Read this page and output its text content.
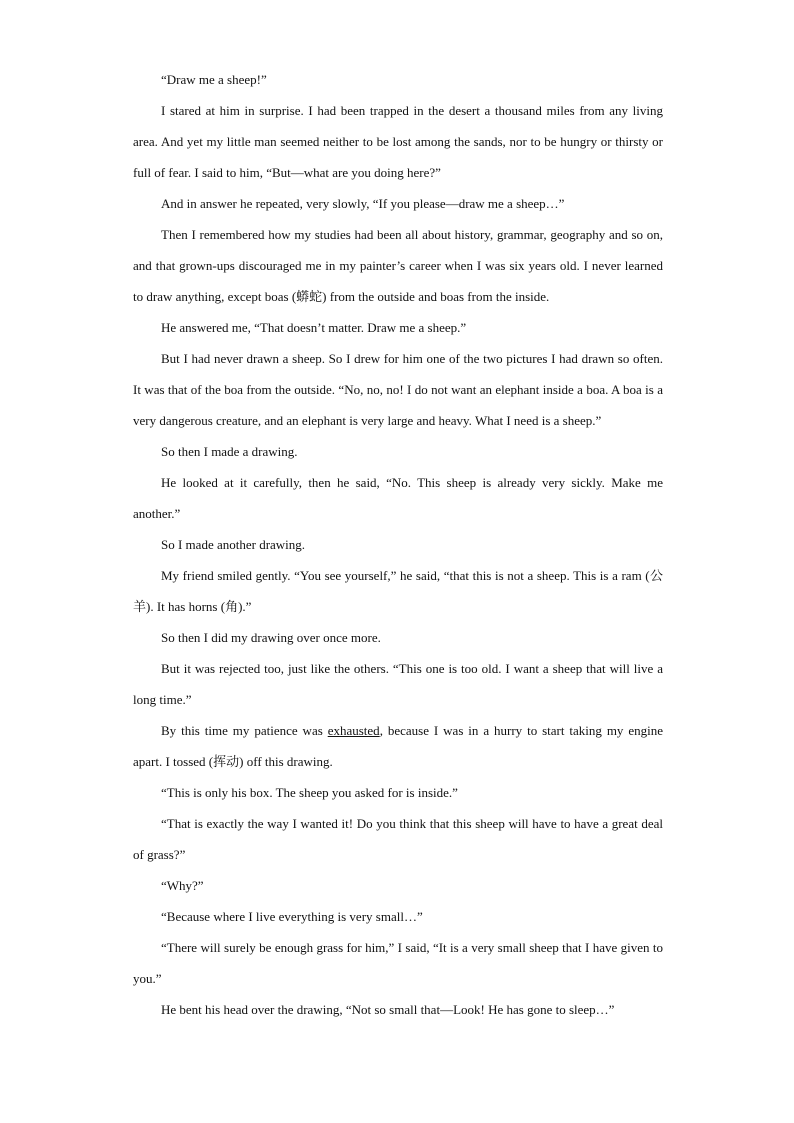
“Draw me a sheep!”

I stared at him in surprise. I had been trapped in the desert a thousand miles from any living area. And yet my little man seemed neither to be lost among the sands, nor to be hungry or thirsty or full of fear. I said to him, “But—what are you doing here?”

And in answer he repeated, very slowly, “If you please—draw me a sheep…”

Then I remembered how my studies had been all about history, grammar, geography and so on, and that grown-ups discouraged me in my painter’s career when I was six years old. I never learned to draw anything, except boas (蟒蛇) from the outside and boas from the inside.

He answered me, “That doesn’t matter. Draw me a sheep.”

But I had never drawn a sheep. So I drew for him one of the two pictures I had drawn so often. It was that of the boa from the outside. “No, no, no! I do not want an elephant inside a boa. A boa is a very dangerous creature, and an elephant is very large and heavy. What I need is a sheep.”

So then I made a drawing.

He looked at it carefully, then he said, “No. This sheep is already very sickly. Make me another.”

So I made another drawing.

My friend smiled gently. “You see yourself,” he said, “that this is not a sheep. This is a ram (公羊). It has horns (角).”

So then I did my drawing over once more.

But it was rejected too, just like the others. “This one is too old. I want a sheep that will live a long time.”

By this time my patience was exhausted, because I was in a hurry to start taking my engine apart. I tossed (挥动) off this drawing.

“This is only his box. The sheep you asked for is inside.”

“That is exactly the way I wanted it! Do you think that this sheep will have to have a great deal of grass?”

“Why?”

“Because where I live everything is very small…”

“There will surely be enough grass for him,” I said, “It is a very small sheep that I have given to you.”

He bent his head over the drawing, “Not so small that—Look! He has gone to sleep…”
